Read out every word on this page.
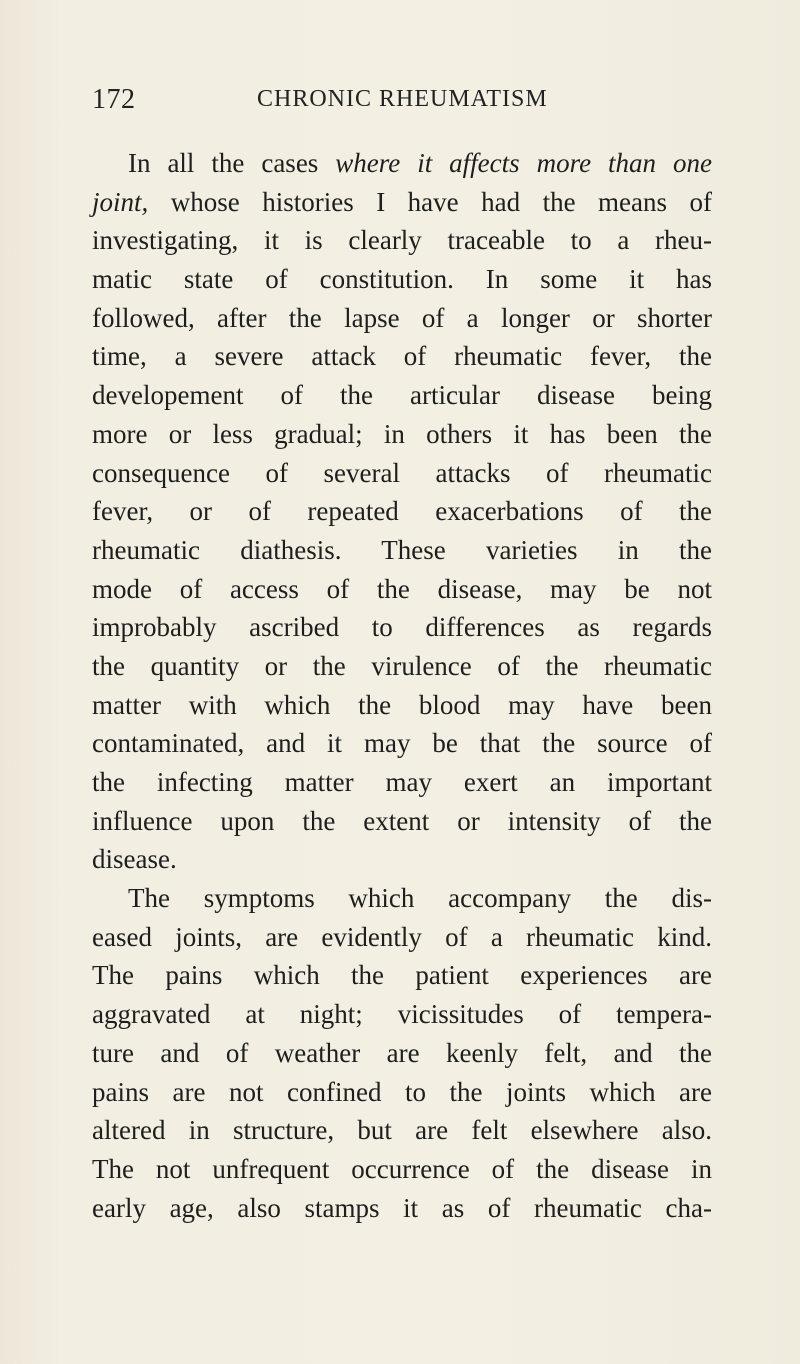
172	CHRONIC RHEUMATISM
In all the cases where it affects more than one
joint, whose histories I have had the means of
investigating, it is clearly traceable to a rheu-
matic state of constitution. In some it has
followed, after the lapse of a longer or shorter
time, a severe attack of rheumatic fever, the
developement of the articular disease being
more or less gradual; in others it has been the
consequence of several attacks of rheumatic
fever, or of repeated exacerbations of the
rheumatic diathesis. These varieties in the
mode of access of the disease, may be not
improbably ascribed to differences as regards
the quantity or the virulence of the rheumatic
matter with which the blood may have been
contaminated, and it may be that the source of
the infecting matter may exert an important
influence upon the extent or intensity of the
disease.
The symptoms which accompany the dis-
eased joints, are evidently of a rheumatic kind.
The pains which the patient experiences are
aggravated at night; vicissitudes of tempera-
ture and of weather are keenly felt, and the
pains are not confined to the joints which are
altered in structure, but are felt elsewhere also.
The not unfrequent occurrence of the disease in
early age, also stamps it as of rheumatic cha-
